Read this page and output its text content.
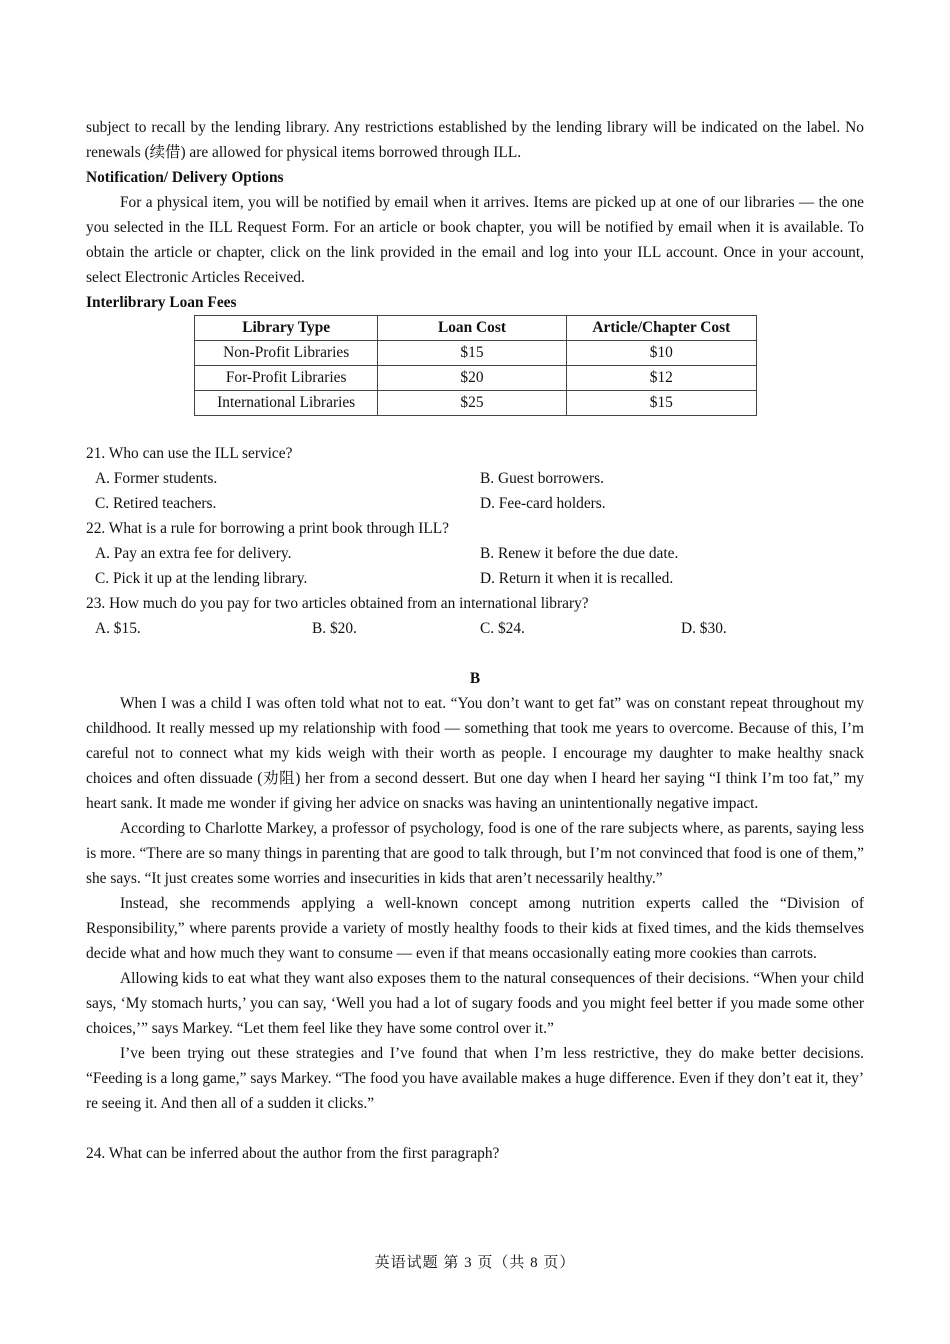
subject to recall by the lending library. Any restrictions established by the lending library will be indicated on the label. No renewals (续借) are allowed for physical items borrowed through ILL.

Notification/ Delivery Options

For a physical item, you will be notified by email when it arrives. Items are picked up at one of our libraries — the one you selected in the ILL Request Form. For an article or book chapter, you will be notified by email when it is available. To obtain the article or chapter, click on the link provided in the email and log into your ILL account. Once in your account, select Electronic Articles Received.

Interlibrary Loan Fees

Library Type	Loan Cost	Article/Chapter Cost
Non-Profit Libraries	$15	$10
For-Profit Libraries	$20	$12
International Libraries	$25	$15

21. Who can use the ILL service?

A. Former students.	B. Guest borrowers.
C. Retired teachers.	D. Fee-card holders.

22. What is a rule for borrowing a print book through ILL?

A. Pay an extra fee for delivery.	B. Renew it before the due date.
C. Pick it up at the lending library.	D. Return it when it is recalled.

23. How much do you pay for two articles obtained from an international library?

A. $15.	B. $20.	C. $24.	D. $30.

B

When I was a child I was often told what not to eat. “You don’t want to get fat” was on constant repeat throughout my childhood. It really messed up my relationship with food — something that took me years to overcome. Because of this, I’m careful not to connect what my kids weigh with their worth as people. I encourage my daughter to make healthy snack choices and often dissuade (劝阻) her from a second dessert. But one day when I heard her saying “I think I’m too fat,” my heart sank. It made me wonder if giving her advice on snacks was having an unintentionally negative impact.

According to Charlotte Markey, a professor of psychology, food is one of the rare subjects where, as parents, saying less is more. “There are so many things in parenting that are good to talk through, but I’m not convinced that food is one of them,” she says. “It just creates some worries and insecurities in kids that aren’t necessarily healthy.”

Instead, she recommends applying a well-known concept among nutrition experts called the “Division of Responsibility,” where parents provide a variety of mostly healthy foods to their kids at fixed times, and the kids themselves decide what and how much they want to consume — even if that means occasionally eating more cookies than carrots.

Allowing kids to eat what they want also exposes them to the natural consequences of their decisions. “When your child says, ‘My stomach hurts,’ you can say, ‘Well you had a lot of sugary foods and you might feel better if you made some other choices,’” says Markey. “Let them feel like they have some control over it.”

I’ve been trying out these strategies and I’ve found that when I’m less restrictive, they do make better decisions. “Feeding is a long game,” says Markey. “The food you have available makes a huge difference. Even if they don’t eat it, they’ re seeing it. And then all of a sudden it clicks.”

24. What can be inferred about the author from the first paragraph?

英语试题 第 3 页（共 8 页）
